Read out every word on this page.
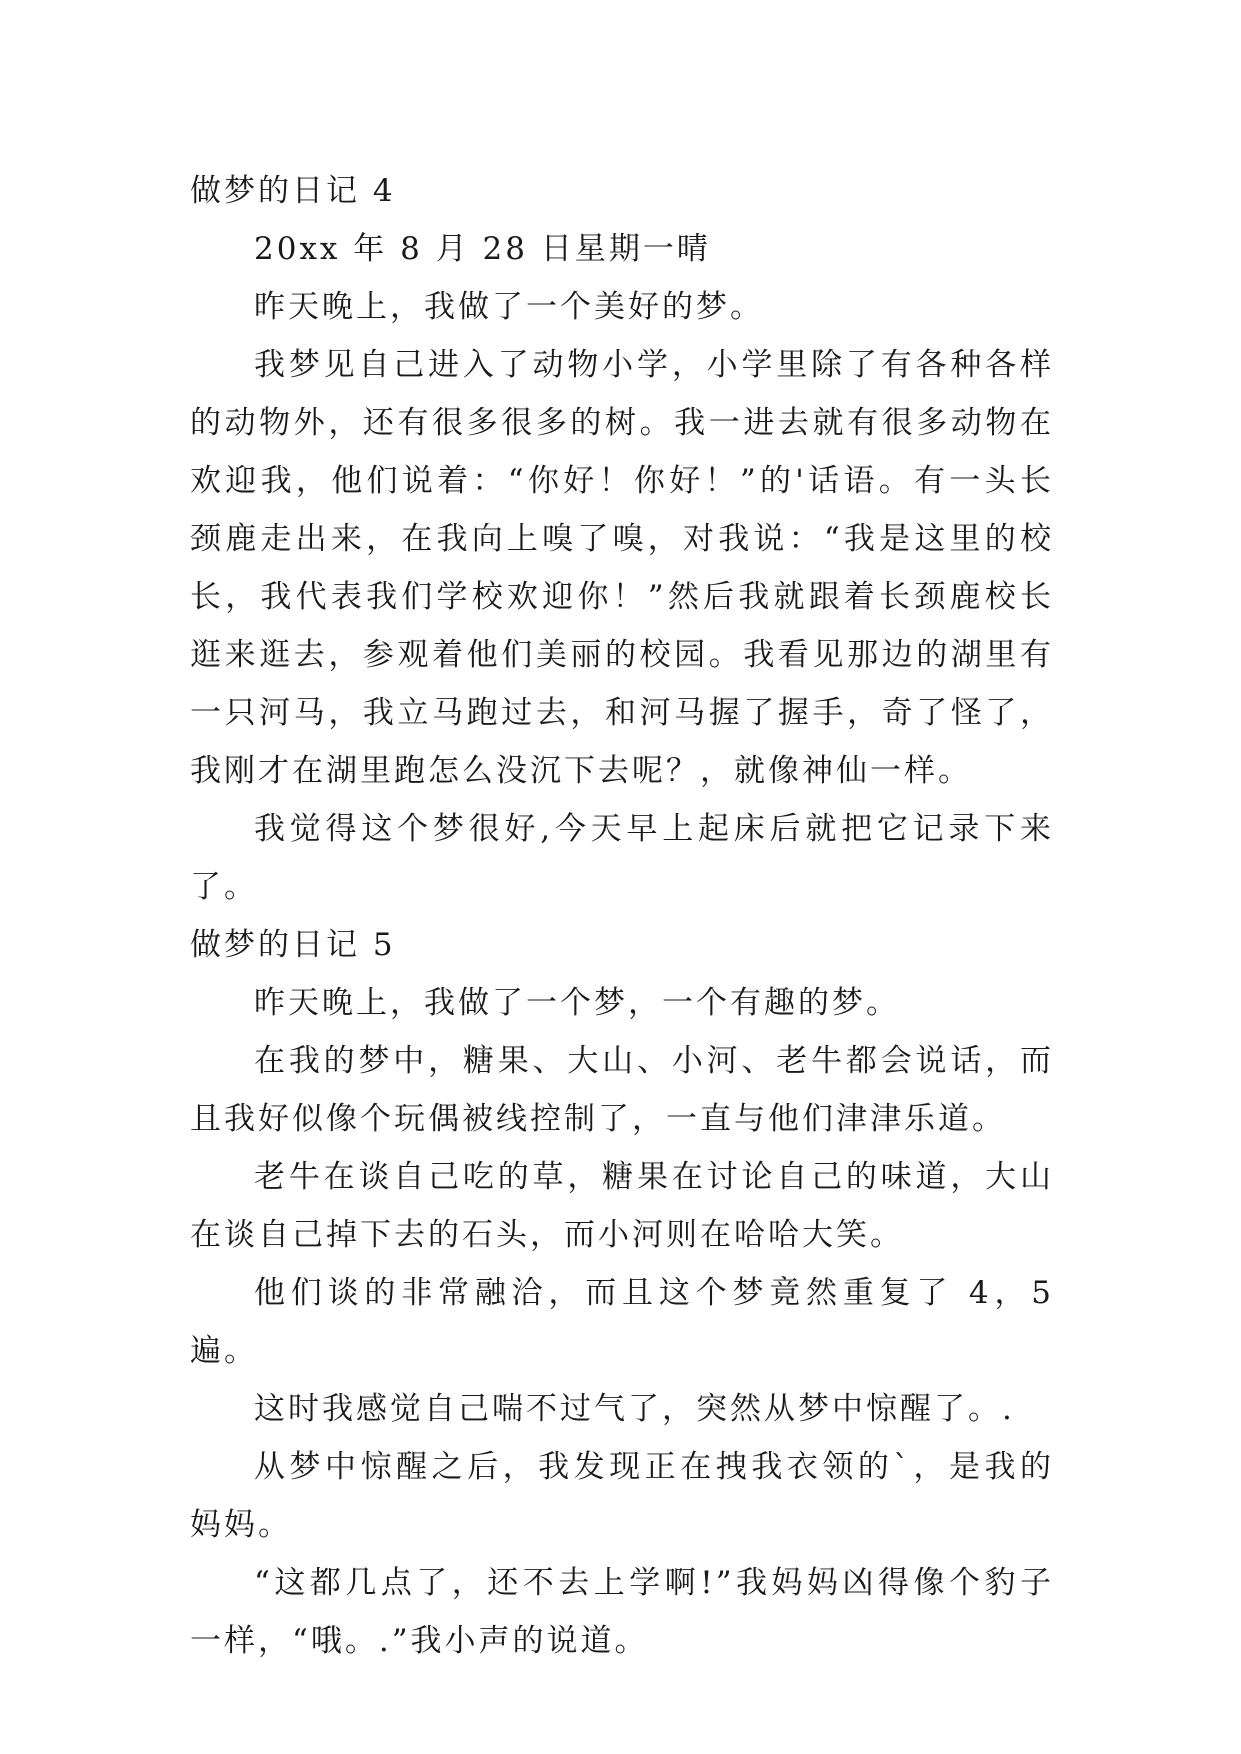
做梦的日记 4

20xx 年 8 月 28 日星期一晴

昨天晚上，我做了一个美好的梦。

我梦见自己进入了动物小学，小学里除了有各种各样的动物外，还有很多很多的树。我一进去就有很多动物在欢迎我，他们说着：“你好！你好！”的'话语。有一头长颈鹿走出来，在我向上嗅了嗅，对我说：“我是这里的校长，我代表我们学校欢迎你！”然后我就跟着长颈鹿校长逛来逛去，参观着他们美丽的校园。我看见那边的湖里有一只河马，我立马跑过去，和河马握了握手，奇了怪了，我刚才在湖里跑怎么没沉下去呢？，就像神仙一样。

我觉得这个梦很好,今天早上起床后就把它记录下来了。

做梦的日记 5

昨天晚上，我做了一个梦，一个有趣的梦。

在我的梦中，糖果、大山、小河、老牛都会说话，而且我好似像个玩偶被线控制了，一直与他们津津乐道。

老牛在谈自己吃的草，糖果在讨论自己的味道，大山在谈自己掉下去的石头，而小河则在哈哈大笑。

他们谈的非常融洽，而且这个梦竟然重复了 4，5 遍。

这时我感觉自己喘不过气了，突然从梦中惊醒了。.

从梦中惊醒之后，我发现正在拽我衣领的`，是我的妈妈。

“这都几点了，还不去上学啊!”我妈妈凶得像个豹子一样，“哦。.”我小声的说道。
